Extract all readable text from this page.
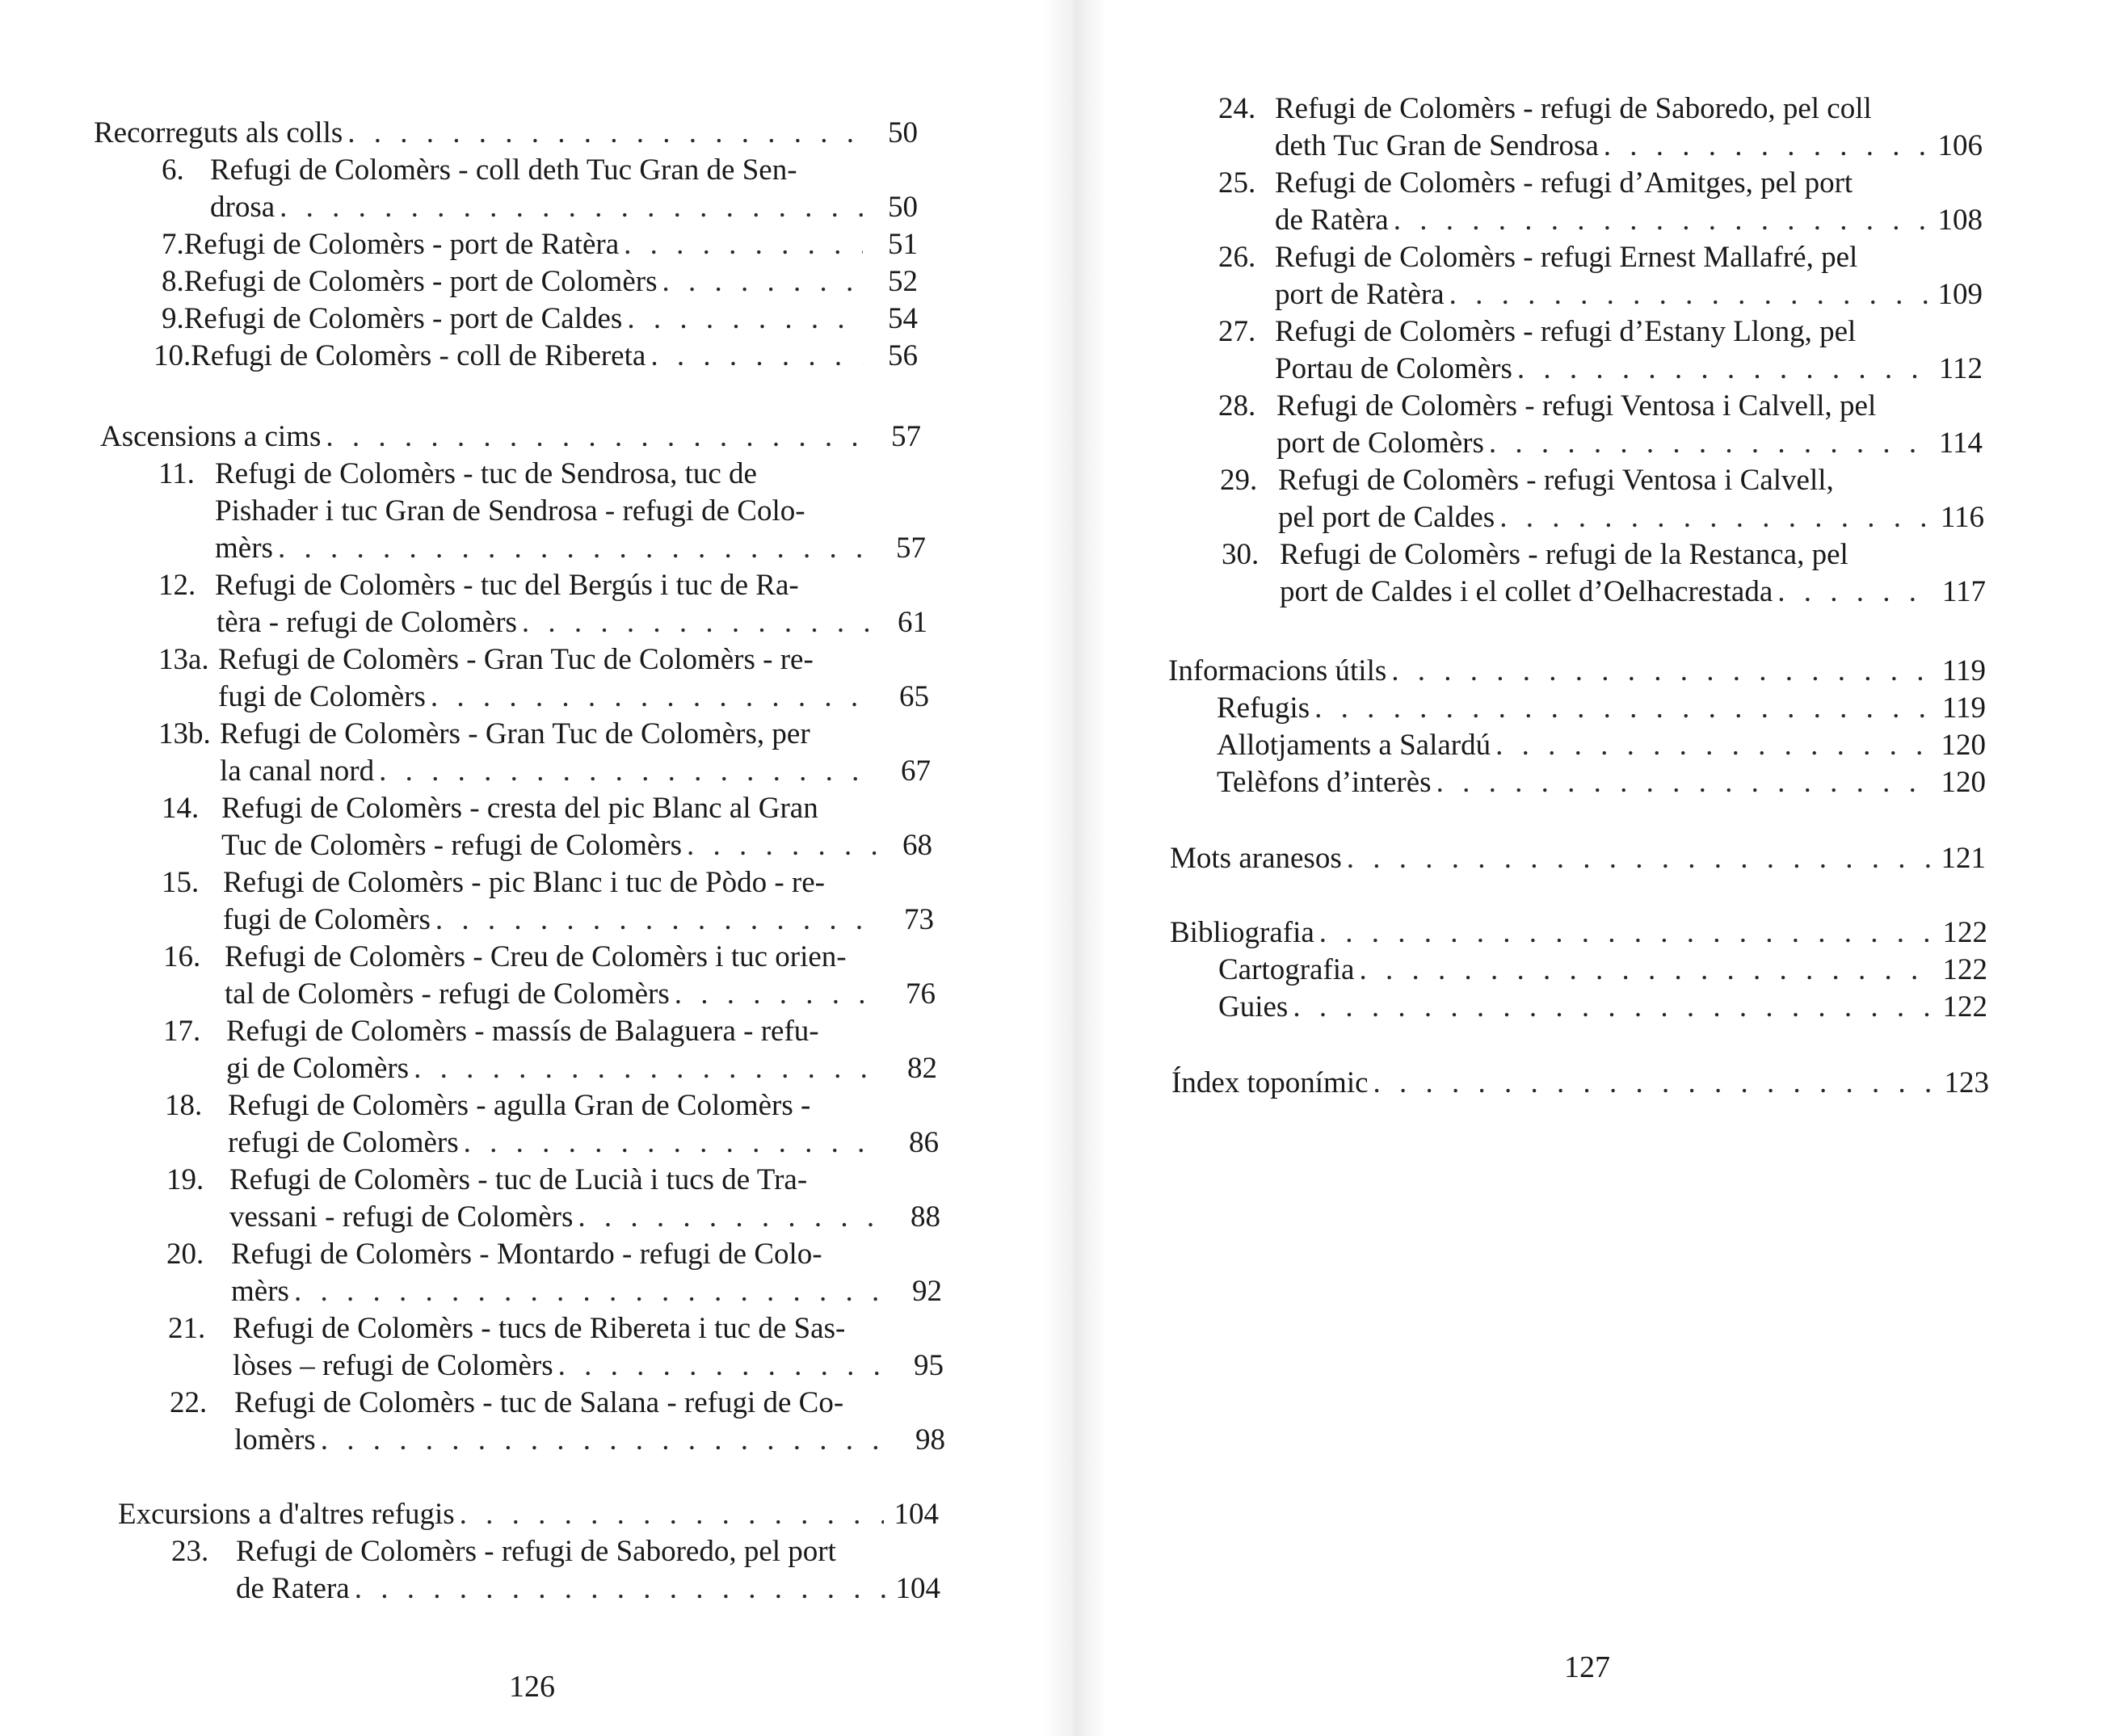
Recorreguts als colls . . .	50
6. Refugi de Colomèrs - coll deth Tuc Gran de Sen-
drosa . . .	50
7. Refugi de Colomèrs - port de Ratèra . . .	51
8. Refugi de Colomèrs - port de Colomèrs . . .	52
9. Refugi de Colomèrs - port de Caldes . . .	54
10. Refugi de Colomèrs - coll de Ribereta . . .	56
Ascensions a cims . . .	57
11. Refugi de Colomèrs - tuc de Sendrosa, tuc de
Pishader i tuc Gran de Sendrosa - refugi de Colo-
mèrs . . .	57
12. Refugi de Colomèrs - tuc del Bergús i tuc de Ra-
tèra - refugi de Colomèrs . . .	61
13a. Refugi de Colomèrs - Gran Tuc de Colomèrs - re-
fugi de Colomèrs . . .	65
13b. Refugi de Colomèrs - Gran Tuc de Colomèrs, per
la canal nord . . .	67
14. Refugi de Colomèrs - cresta del pic Blanc al Gran
Tuc de Colomèrs - refugi de Colomèrs . . .	68
15. Refugi de Colomèrs - pic Blanc i tuc de Pòdo - re-
fugi de Colomèrs . . .	73
16. Refugi de Colomèrs - Creu de Colomèrs i tuc orien-
tal de Colomèrs - refugi de Colomèrs . . .	76
17. Refugi de Colomèrs - massís de Balaguera - refu-
gi de Colomèrs . . .	82
18. Refugi de Colomèrs - agulla Gran de Colomèrs -
refugi de Colomèrs . . .	86
19. Refugi de Colomèrs - tuc de Lucià i tucs de Tra-
vessani - refugi de Colomèrs . . .	88
20. Refugi de Colomèrs - Montardo - refugi de Colo-
mèrs . . .	92
21. Refugi de Colomèrs - tucs de Ribereta i tuc de Sas-
lòses – refugi de Colomèrs . . .	95
22. Refugi de Colomèrs - tuc de Salana - refugi de Co-
lomèrs . . .	98
Excursions a d'altres refugis . . .	104
23. Refugi de Colomèrs - refugi de Saboredo, pel port
de Ratera . . .	104
126
24. Refugi de Colomèrs - refugi de Saboredo, pel coll
deth Tuc Gran de Sendrosa . . .	106
25. Refugi de Colomèrs - refugi d’Amitges, pel port
de Ratèra . . .	108
26. Refugi de Colomèrs - refugi Ernest Mallafré, pel
port de Ratèra . . .	109
27. Refugi de Colomèrs - refugi d’Estany Llong, pel
Portau de Colomèrs . . .	112
28. Refugi de Colomèrs - refugi Ventosa i Calvell, pel
port de Colomèrs . . .	114
29. Refugi de Colomèrs - refugi Ventosa i Calvell,
pel port de Caldes . . .	116
30. Refugi de Colomèrs - refugi de la Restanca, pel
port de Caldes i el collet d’Oelhacrestada . . .	117
Informacions útils . . .	119
Refugis . . .	119
Allotjaments a Salardú . . .	120
Telèfons d’interès . . .	120
Mots aranesos . . .	121
Bibliografia . . .	122
Cartografia . . .	122
Guies . . .	122
Índex toponímic . . .	123
127
